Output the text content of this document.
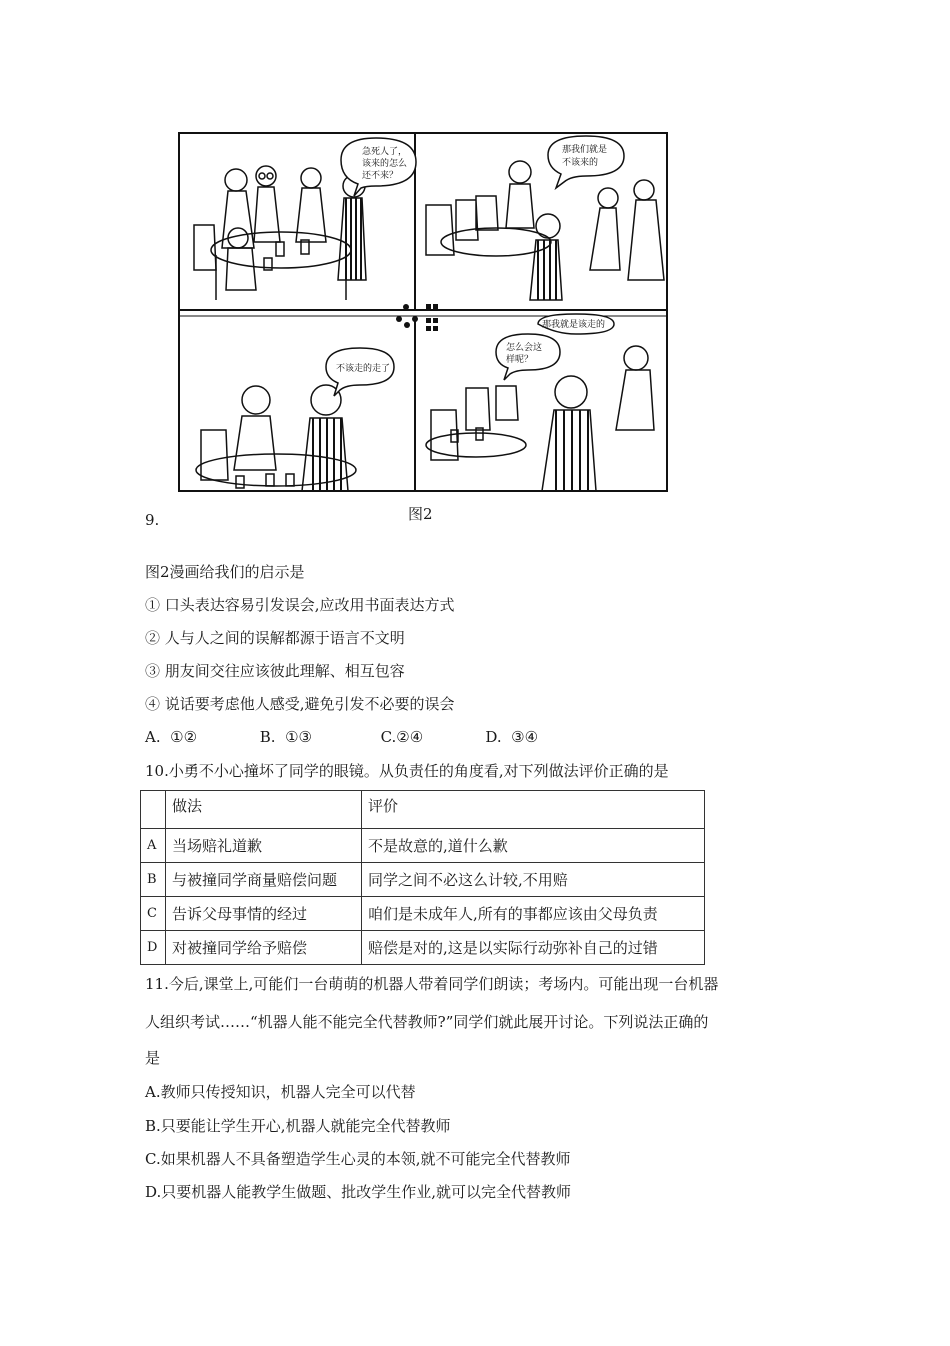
急死人了，
该来的怎么
还不来？
那我们就是
不该来的
不该走的走了
怎么会这
样呢？
那我就是该走的
图2
9.
图2漫画给我们的启示是
① 口头表达容易引发误会,应改用书面表达方式
② 人与人之间的误解都源于语言不文明
③ 朋友间交往应该彼此理解、相互包容
④ 说话要考虑他人感受,避免引发不必要的误会
A.  ①②	B.  ①③	C.②④	D.  ③④
10.小勇不小心撞坏了同学的眼镜。从负责任的角度看,对下列做法评价正确的是
	做法	评价
A	当场赔礼道歉	不是故意的,道什么歉
B	与被撞同学商量赔偿问题	同学之间不必这么计较,不用赔
C	告诉父母事情的经过	咱们是未成年人,所有的事都应该由父母负责
D	对被撞同学给予赔偿	赔偿是对的,这是以实际行动弥补自己的过错
11.今后,课堂上,可能们一台萌萌的机器人带着同学们朗读；考场内。可能出现一台机器
人组织考试……“机器人能不能完全代替教师?”同学们就此展开讨论。下列说法正确的
是
A.教师只传授知识，机器人完全可以代替
B.只要能让学生开心,机器人就能完全代替教师
C.如果机器人不具备塑造学生心灵的本领,就不可能完全代替教师
D.只要机器人能教学生做题、批改学生作业,就可以完全代替教师
